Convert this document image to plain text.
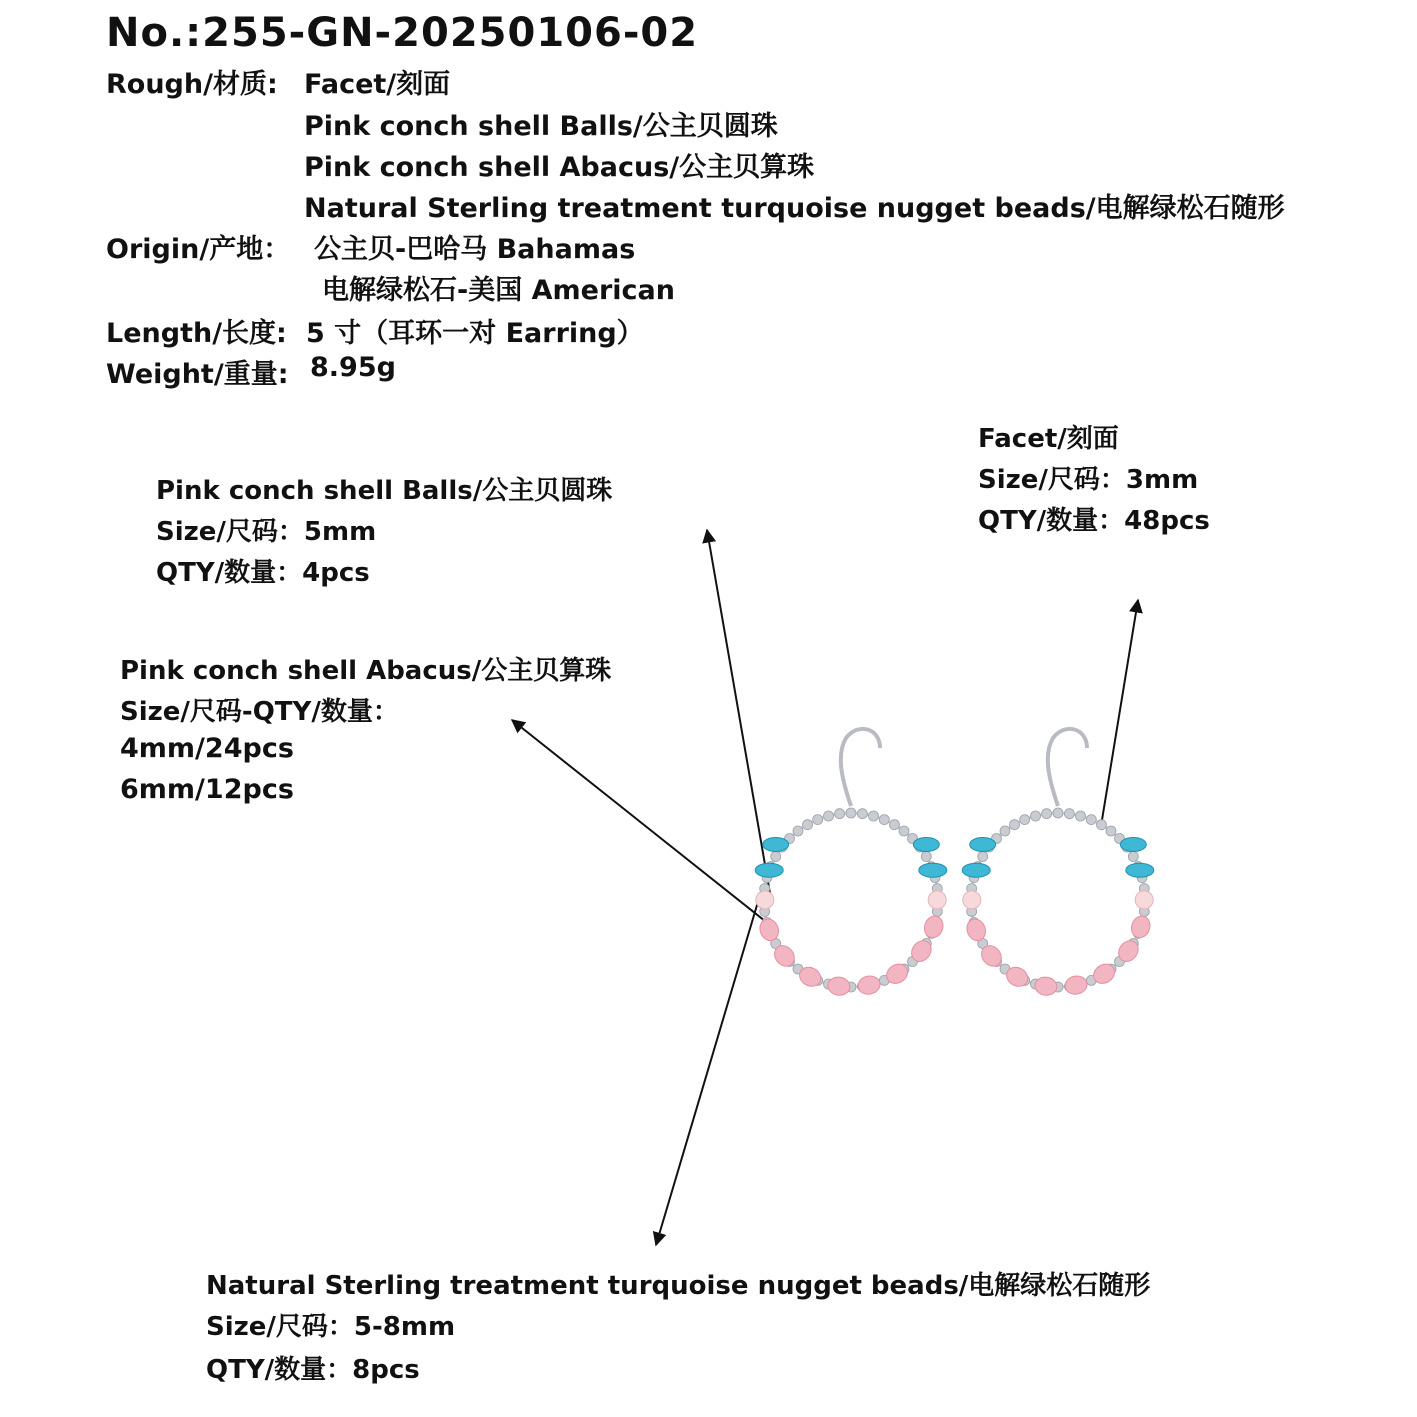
No.:255-GN-20250106-02
Rough/材质: Facet/刻面
Pink conch shell Balls/公主贝圆珠
Pink conch shell Abacus/公主贝算珠
Natural Sterling treatment turquoise nugget beads/电解绿松石随形
Origin/产地： 公主贝-巴哈马 Bahamas
电解绿松石-美国 American
Length/长度: 5 寸（耳环一对 Earring）
Weight/重量: 8.95g
Facet/刻面
Size/尺码：3mm
QTY/数量：48pcs
Pink conch shell Balls/公主贝圆珠
Size/尺码：5mm
QTY/数量：4pcs
Pink conch shell Abacus/公主贝算珠
Size/尺码-QTY/数量：
4mm/24pcs
6mm/12pcs
Natural Sterling treatment turquoise nugget beads/电解绿松石随形
Size/尺码：5-8mm
QTY/数量：8pcs
